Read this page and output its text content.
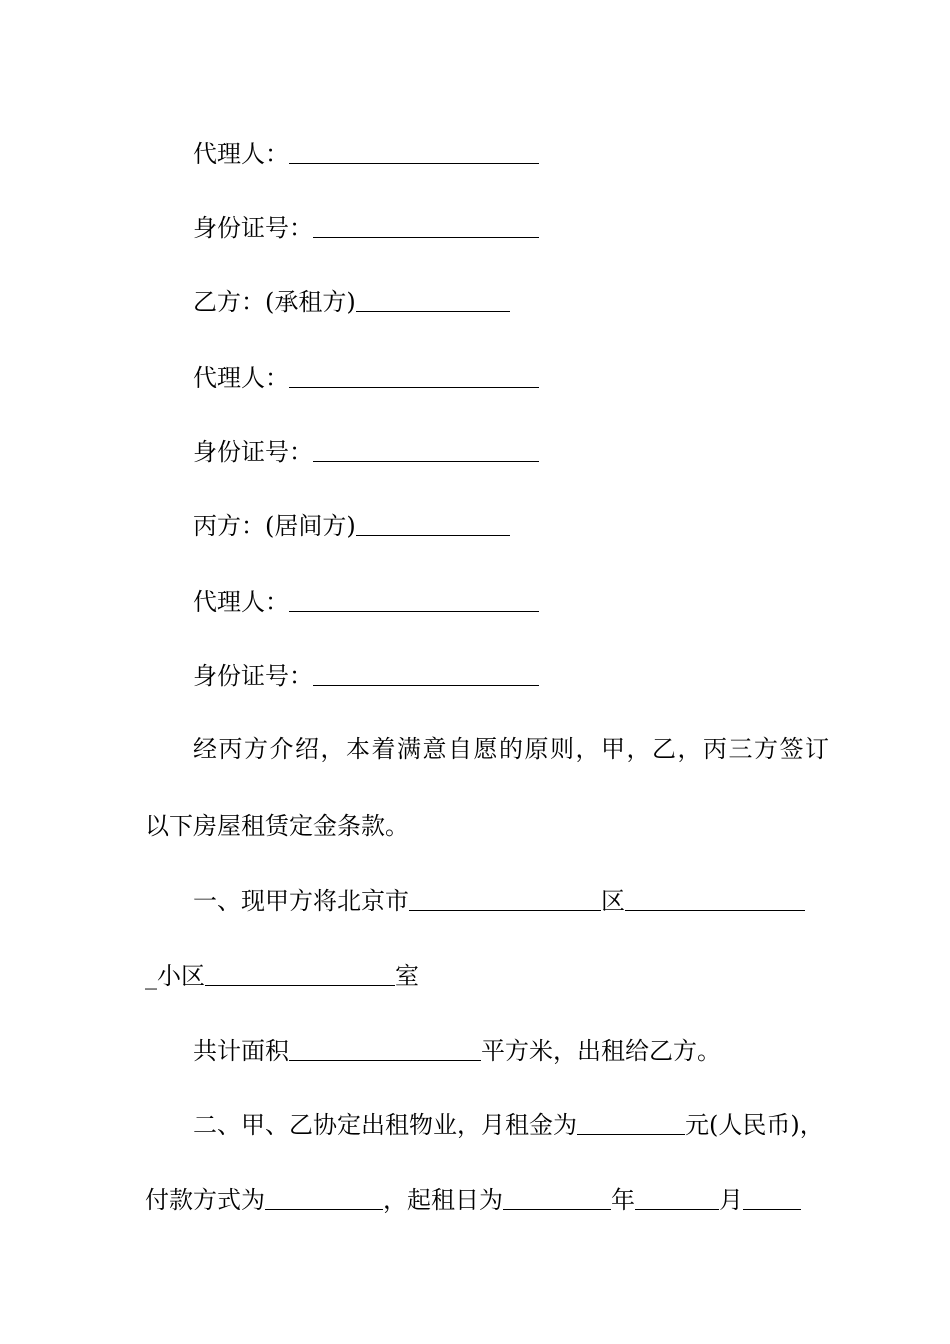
代理人：
身份证号：
乙方：(承租方)
代理人：
身份证号：
丙方：(居间方)
代理人：
身份证号：
经丙方介绍，本着满意自愿的原则，甲，乙，丙三方签订
以下房屋租赁定金条款。
一、现甲方将北京市	区
_小区	室
共计面积	平方米，出租给乙方。
二、甲、乙协定出租物业，月租金为	元(人民币)，
付款方式为	，起租日为	年	月
